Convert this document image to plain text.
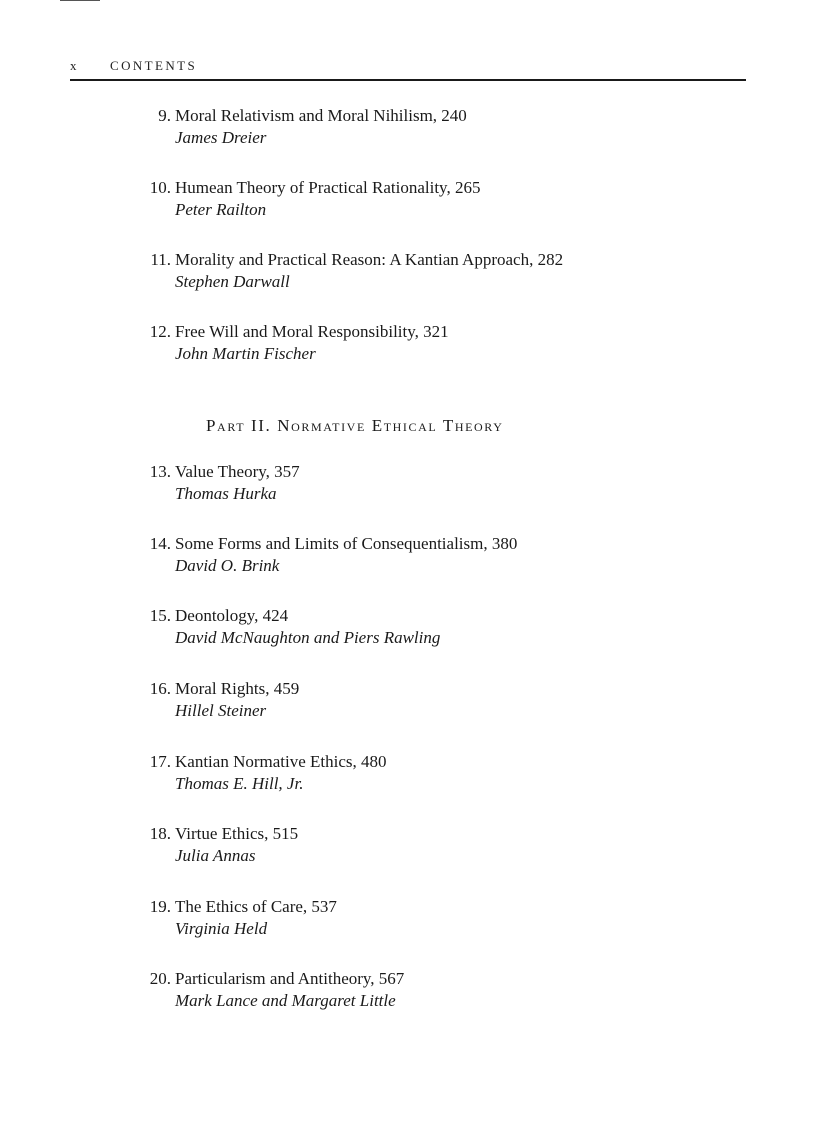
x CONTENTS
9. Moral Relativism and Moral Nihilism, 240
James Dreier
10. Humean Theory of Practical Rationality, 265
Peter Railton
11. Morality and Practical Reason: A Kantian Approach, 282
Stephen Darwall
12. Free Will and Moral Responsibility, 321
John Martin Fischer
Part II. Normative Ethical Theory
13. Value Theory, 357
Thomas Hurka
14. Some Forms and Limits of Consequentialism, 380
David O. Brink
15. Deontology, 424
David McNaughton and Piers Rawling
16. Moral Rights, 459
Hillel Steiner
17. Kantian Normative Ethics, 480
Thomas E. Hill, Jr.
18. Virtue Ethics, 515
Julia Annas
19. The Ethics of Care, 537
Virginia Held
20. Particularism and Antitheory, 567
Mark Lance and Margaret Little
